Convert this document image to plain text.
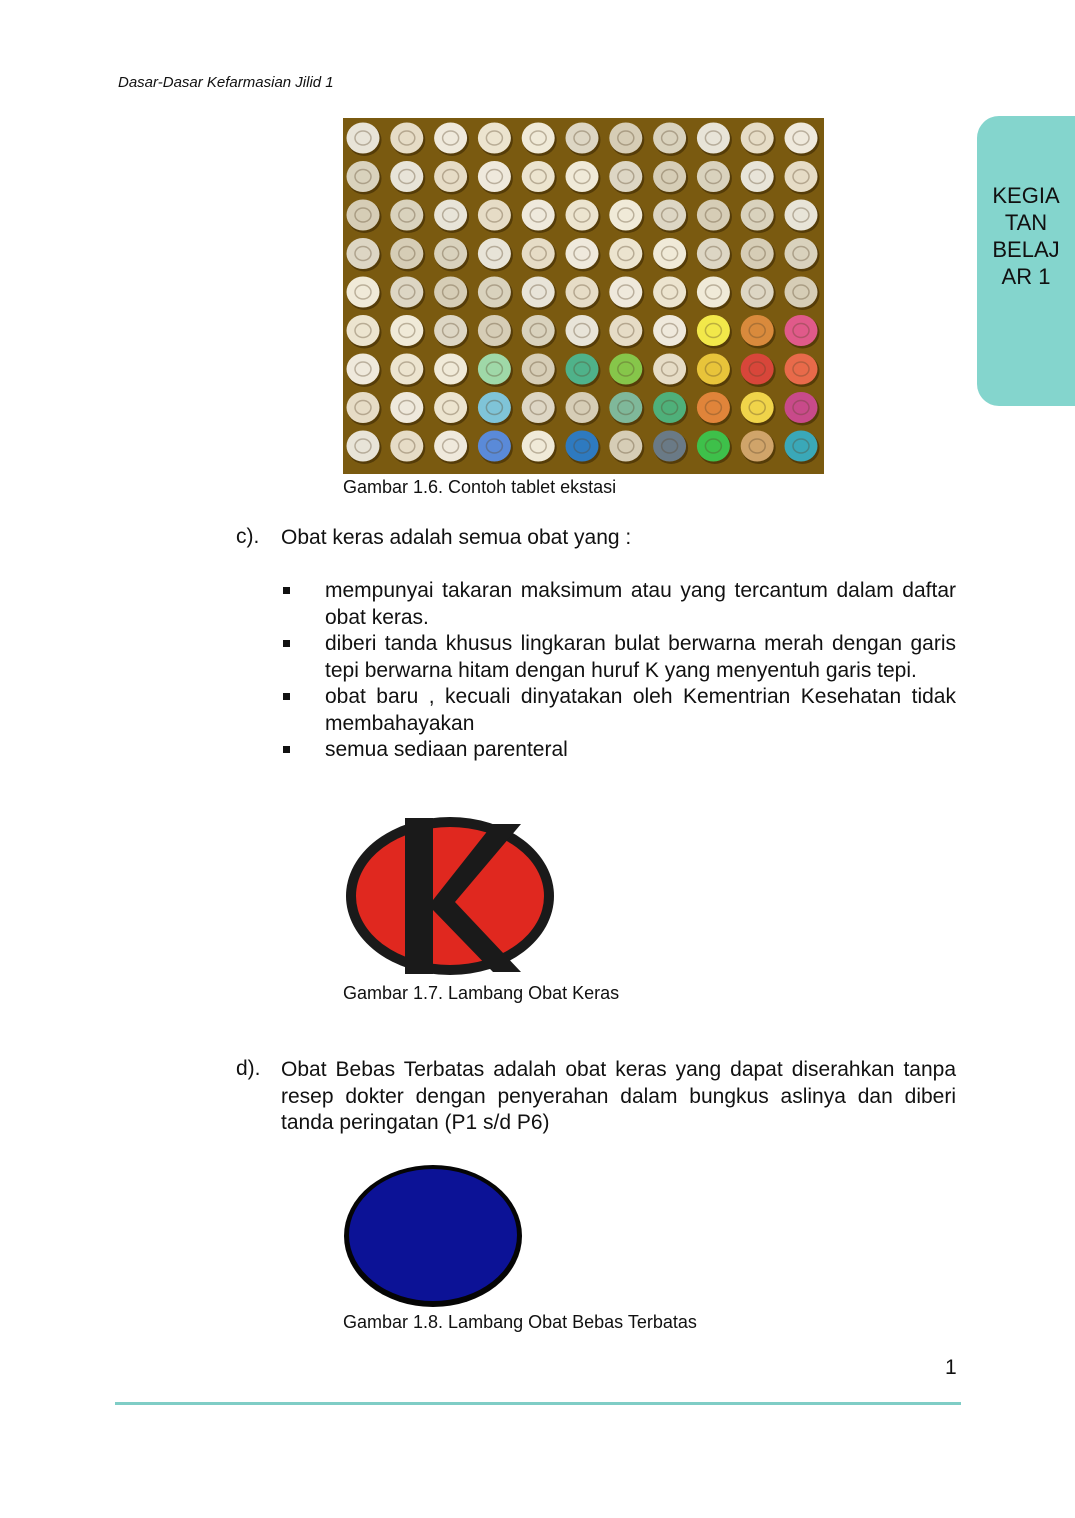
Dasar-Dasar Kefarmasian Jilid 1
KEGIA
TAN
BELAJ
AR 1
Gambar 1.6. Contoh tablet ekstasi
c). Obat keras adalah semua obat yang :
mempunyai takaran maksimum atau yang tercantum dalam daftar obat keras.
diberi tanda khusus lingkaran bulat berwarna merah dengan garis tepi berwarna hitam dengan huruf K yang menyentuh garis tepi.
obat baru , kecuali dinyatakan oleh Kementrian Kesehatan tidak membahayakan
semua sediaan parenteral
Gambar 1.7. Lambang Obat Keras
d). Obat Bebas Terbatas adalah obat keras yang dapat diserahkan tanpa resep dokter dengan penyerahan dalam bungkus aslinya dan diberi tanda peringatan (P1 s/d P6)
Gambar 1.8. Lambang Obat Bebas Terbatas
1
